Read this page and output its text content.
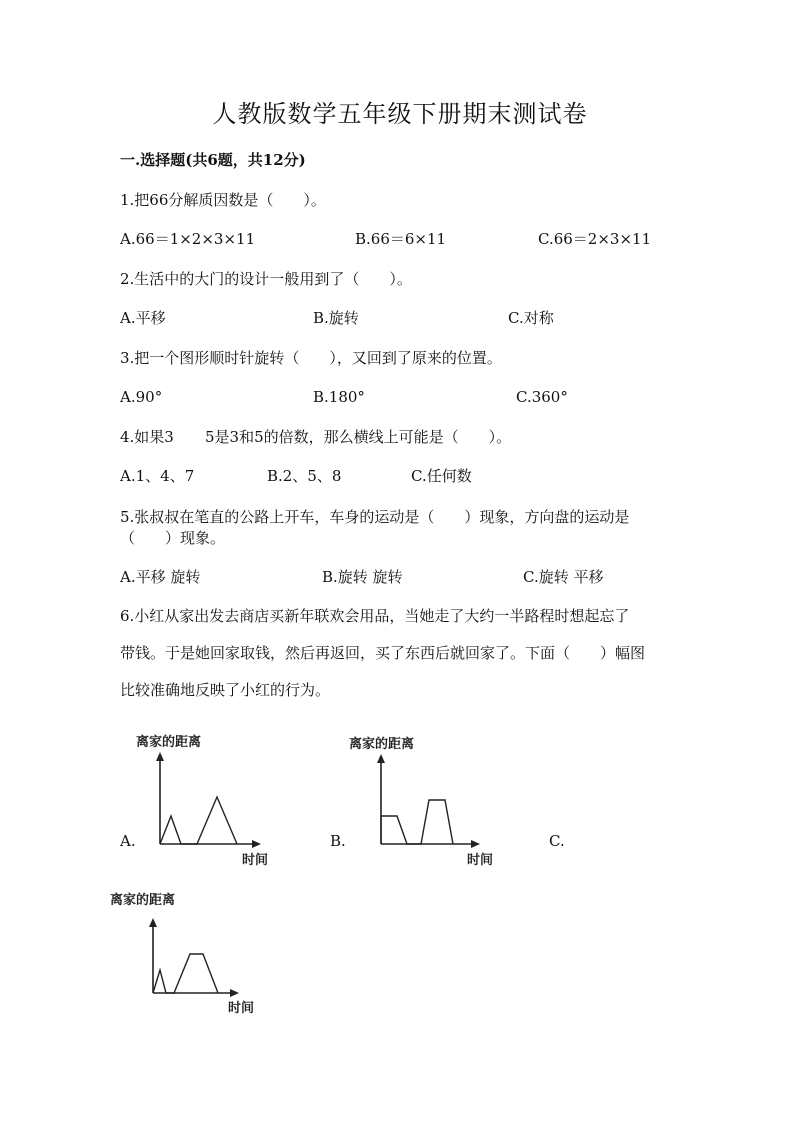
人教版数学五年级下册期末测试卷
一.选择题(共6题，共12分)
1.把66分解质因数是（　　）。
A.66＝1×2×3×11	B.66＝6×11	C.66＝2×3×11
2.生活中的大门的设计一般用到了（　　）。
A.平移	B.旋转	C.对称
3.把一个图形顺时针旋转（　　），又回到了原来的位置。
A.90°	B.180°	C.360°
4.如果3 5是3和5的倍数，那么横线上可能是（　　）。
A.1、4、7	B.2、5、8	C.任何数
5.张叔叔在笔直的公路上开车，车身的运动是（　　）现象，方向盘的运动是
（　　）现象。
A.平移 旋转	B.旋转 旋转	C.旋转 平移
6.小红从家出发去商店买新年联欢会用品，当她走了大约一半路程时想起忘了
带钱。于是她回家取钱，然后再返回，买了东西后就回家了。下面（　　）幅图
比较准确地反映了小红的行为。
A.	B.	C.
离家的距离
时间
离家的距离
时间
离家的距离
时间
